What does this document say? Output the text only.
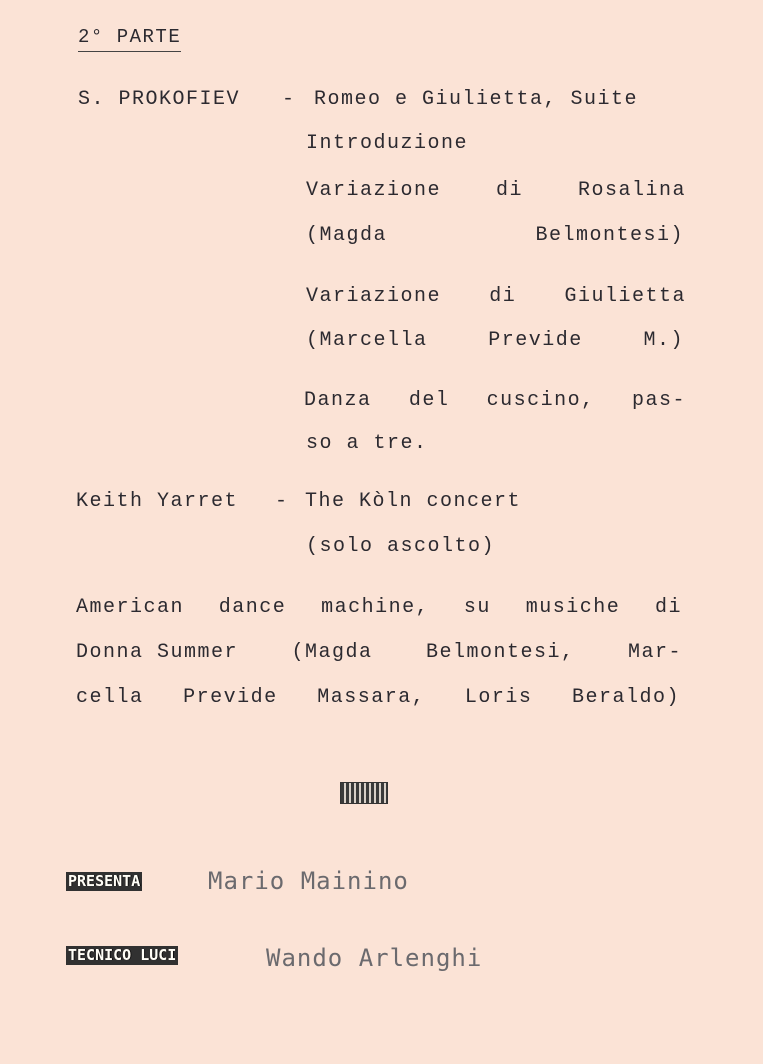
2° PARTE
S. PROKOFIEV - Romeo e Giulietta, Suite
Introduzione
Variazione	di	Rosalina
(Magda	Belmontesi)
Variazione di Giulietta
(Marcella	Previde	M.)
Danza del cuscino, pas-
so a tre.
Keith Yarret - The Kòln concert
(solo ascolto)
American dance machine, su musiche di
Donna Summer	(Magda	Belmontesi,	Mar-
cella Previde Massara, Loris Beraldo)
PRESENTA	Mario Mainino
TECNICO LUCI	Wando Arlenghi
